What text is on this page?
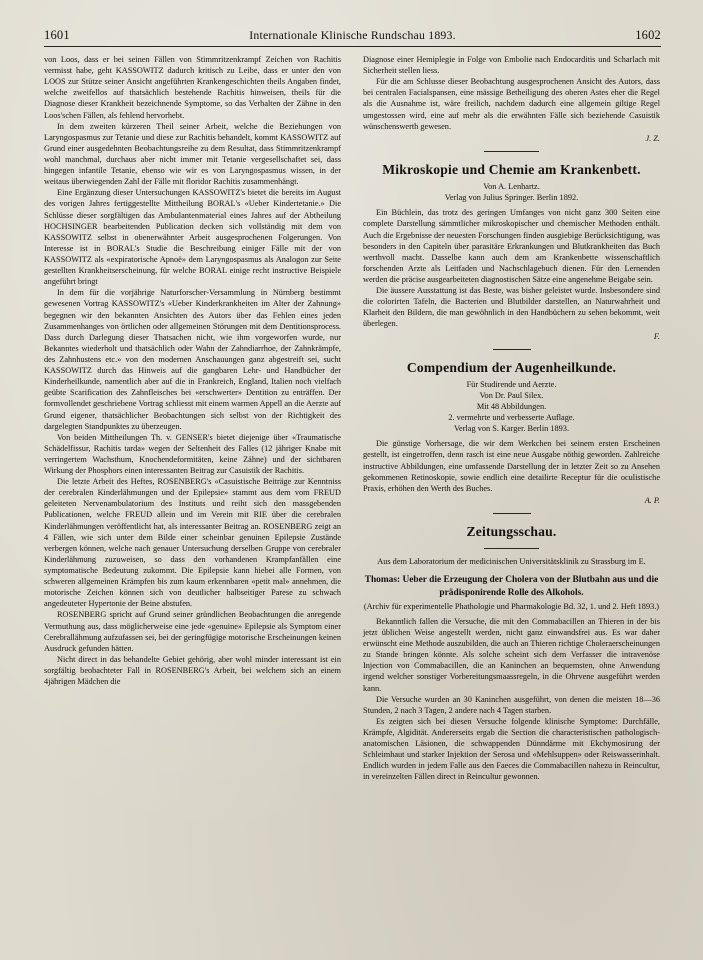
1601	Internationale Klinische Rundschau 1893.	1602

von Loos, dass er bei seinen Fällen von Stimmritzenkrampf Zeichen von Rachitis vermisst habe, geht KASSOWITZ dadurch kritisch zu Leibe, dass er unter den von LOOS zur Stütze seiner Ansicht angeführten Krankengeschichten theils Angaben findet, welche zweifellos auf thatsächlich bestehende Rachitis hinweisen, theils für die Diagnose dieser Krankheit bezeichnende Symptome, so das Verhalten der Zähne in den Loos'schen Fällen, als fehlend hervorhebt.

In dem zweiten kürzeren Theil seiner Arbeit, welche die Beziehungen von Laryngospasmus zur Tetanie und diese zur Rachitis behandelt, kommt KASSOWITZ auf Grund einer ausgedehnten Beobachtungsreihe zu dem Resultat, dass Stimmritzenkrampf wohl manchmal, durchaus aber nicht immer mit Tetanie vergesellschaftet sei, dass hingegen infantile Tetanie, ebenso wie wir es von Laryngospasmus wissen, in der weitaus überwiegenden Zahl der Fälle mit floridor Rachitis zusammenhängt.

Eine Ergänzung dieser Untersuchungen KASSOWITZ's bietet die bereits im August des vorigen Jahres fertiggestellte Mittheilung BORAL's «Ueber Kindertetanie.» Die Schlüsse dieser sorgfältigen das Ambulantenmaterial eines Jahres auf der Abtheilung HOCHSINGER bearbeitenden Publication decken sich vollständig mit dem von KASSOWITZ selbst in obenerwähnter Arbeit ausgesprochenen Folgerungen. Von Interesse ist in BORAL's Studie die Beschreibung einiger Fälle mit der von KASSOWITZ als «expiratorische Apnoë» dem Laryngospasmus als Analogon zur Seite gestellten Krankheitserscheinung, für welche BORAL einige recht instructive Beispiele angeführt bringt

In dem für die vorjährige Naturforscher-Versammlung in Nürnberg bestimmt gewesenen Vortrag KASSOWITZ's «Ueber Kinderkrankheiten im Alter der Zahnung» begegnen wir den bekannten Ansichten des Autors über das Fehlen eines jeden Zusammenhanges von örtlichen oder allgemeinen Störungen mit dem Dentitionsprocess. Dass durch Darlegung dieser Thatsachen nicht, wie ihm vorgeworfen wurde, nur Bekanntes wiederholt und thatsächlich oder Wahn der Zahndiarrhoe, der Zahnkrämpfe, des Zahnhustens etc.» von den modernen Anschauungen ganz abgestreift sei, sucht KASSOWITZ durch das Hinweis auf die gangbaren Lehr- und Handbücher der Kinderheilkunde, namentlich aber auf die in Frankreich, England, Italien noch vielfach geübte Scarification des Zahnfleisches bei «erschwerter» Dentition zu enträffen. Der formvollendet geschriebene Vortrag schliesst mit einem warmen Appell an die Aerzte auf Grund eigener, thatsächlicher Beobachtungen sich selbst von der Richtigkeit des dargelegten Standpunktes zu überzeugen.

Von beiden Mittheilungen Th. v. GENSER's bietet diejenige über «Traumatische Schädelfissur, Rachitis tarda» wegen der Seltenheit des Falles (12 jähriger Knabe mit verringertem Wachsthum, Knochendeformitäten, keine Zähne) und der sichtbaren Wirkung der Phosphors einen interessanten Beitrag zur Casuistik der Rachitis.

Die letzte Arbeit des Heftes, ROSENBERG's «Casuistische Beiträge zur Kenntniss der cerebralen Kinderlähmungen und der Epilepsie» stammt aus dem vom FREUD geleiteten Nervenambulatorium des Instituts und reiht sich den massgebenden Publicationen, welche FREUD allein und im Verein mit RIE über die cerebralen Kinderlähmungen veröffentlicht hat, als interessanter Beitrag an. ROSENBERG zeigt an 4 Fällen, wie sich unter dem Bilde einer scheinbar genuinen Epilepsie Zustände verbergen können, welche nach genauer Untersuchung derselben Gruppe von cerebraler Kinderlähmung zuzuweisen, so dass den vorhandenen Krampfanfällen eine symptomatische Bedeutung zukommt. Die Epilepsie kann hiebei alle Formen, von schweren allgemeinen Krämpfen bis zum kaum erkennbaren «petit mal» annehmen, die motorische Zeichen können sich von deutlicher halbseitiger Parese zu schwach angedeuteter Hypertonie der Beine abstufen.

ROSENBERG spricht auf Grund seiner gründlichen Beobachtungen die anregende Vermuthung aus, dass möglicherweise eine jede «genuine» Epilepsie als Symptom einer Cerebrallähmung aufzufassen sei, bei der geringfügige motorische Erscheinungen keinen Ausdruck gefunden hätten.

Nicht direct in das behandelte Gebiet gehörig, aber wohl minder interessant ist ein sorgfältig beobachteter Fall in ROSENBERG's Arbeit, bei welchem sich an einem 4jährigen Mädchen die

Diagnose einer Hemiplegie in Folge von Embolie nach Endocarditis und Scharlach mit Sicherheit stellen liess.

Für die am Schlusse dieser Beobachtung ausgesprochenen Ansicht des Autors, dass bei centralen Facialspansen, eine mässige Betheiligung des oberen Astes eher die Regel als die Ausnahme ist, wäre freilich, nachdem dadurch eine allgemein giltige Regel umgestossen wird, eine auf mehr als die erwähnten Fälle sich beziehende Casuistik wünschenswerth gewesen.

J. Z.

Mikroskopie und Chemie am Krankenbett.

Von A. Lenhartz.

Verlag von Julius Springer. Berlin 1892.

Ein Büchlein, das trotz des geringen Umfanges von nicht ganz 300 Seiten eine complete Darstellung sämmtlicher mikroskopischer und chemischer Methoden enthält. Auch die Ergebnisse der neuesten Forschungen finden ausgiebige Berücksichtigung, was besonders in den Capiteln über parasitäre Erkrankungen und Blutkrankheiten das Buch werthvoll macht. Dasselbe kann auch dem am Krankenbette wissenschaftlich forschenden Arzte als Leitfaden und Nachschlagebuch dienen. Für den Lernenden werden die präcise ausgearbeiteten diagnostischen Sätze eine angenehme Beigabe sein.

Die äussere Ausstattung ist das Beste, was bisher geleistet wurde. Insbesondere sind die colorirten Tafeln, die Bacterien und Blutbilder darstellen, an Naturwahrheit und Klarheit den Bildern, die man gewöhnlich in den Handbüchern zu sehen bekommt, weit überlegen.

F.

Compendium der Augenheilkunde.

Für Studirende und Aerzte.

Von Dr. Paul Silex.

Mit 48 Abbildungen.

2. vermehrte und verbesserte Auflage.

Verlag von S. Karger. Berlin 1893.

Die günstige Vorhersage, die wir dem Werkchen bei seinem ersten Erscheinen gestellt, ist eingetroffen, denn rasch ist eine neue Ausgabe nöthig geworden. Zahlreiche instructive Abbildungen, eine umfassende Darstellung der in letzter Zeit so zu Ansehen gekommenen Retinoskopie, sowie endlich eine detailirte Receptur für die oculistische Praxis, erhöhen den Werth des Buches.

A. P.

Zeitungsschau.

Aus dem Laboratorium der medicinischen Universitätsklinik zu Strassburg im E.

Thomas: Ueber die Erzeugung der Cholera von der Blutbahn aus und die prädisponirende Rolle des Alkohols.

(Archiv für experimentelle Phathologie und Pharmakologie Bd. 32, 1. und 2. Heft 1893.)

Bekanntlich fallen die Versuche, die mit den Commabacillen an Thieren in der bis jetzt üblichen Weise angestellt werden, nicht ganz einwandsfrei aus. Es war daher erwünscht eine Methode auszubilden, die auch an Thieren richtige Choleraerscheinungen zu Stande bringen könnte. Als solche scheint sich dem Verfasser die intravenöse Injection von Commabacillen, die an Kaninchen an bequemsten, ohne Anwendung irgend welcher sonstiger Vorbereitungsmaassregeln, in die Ohrvene ausgeführt werden kann.

Die Versuche wurden an 30 Kaninchen ausgeführt, von denen die meisten 18—36 Stunden, 2 nach 3 Tagen, 2 andere nach 4 Tagen starben.

Es zeigten sich bei diesen Versuche folgende klinische Symptome: Durchfälle, Krämpfe, Algidität. Andererseits ergab die Section die characteristischen pathologisch-anatomischen Läsionen, die schwappenden Dünndärme mit Ekchymosirung der Schleimhaut und starker Injektion der Serosa und «Mehlsuppen» oder Reiswasserinhalt. Endlich wurden in jedem Falle aus den Faeces die Commabacillen nahezu in Reincultur, in vereinzelten Fällen direct in Reincultur gewonnen.
